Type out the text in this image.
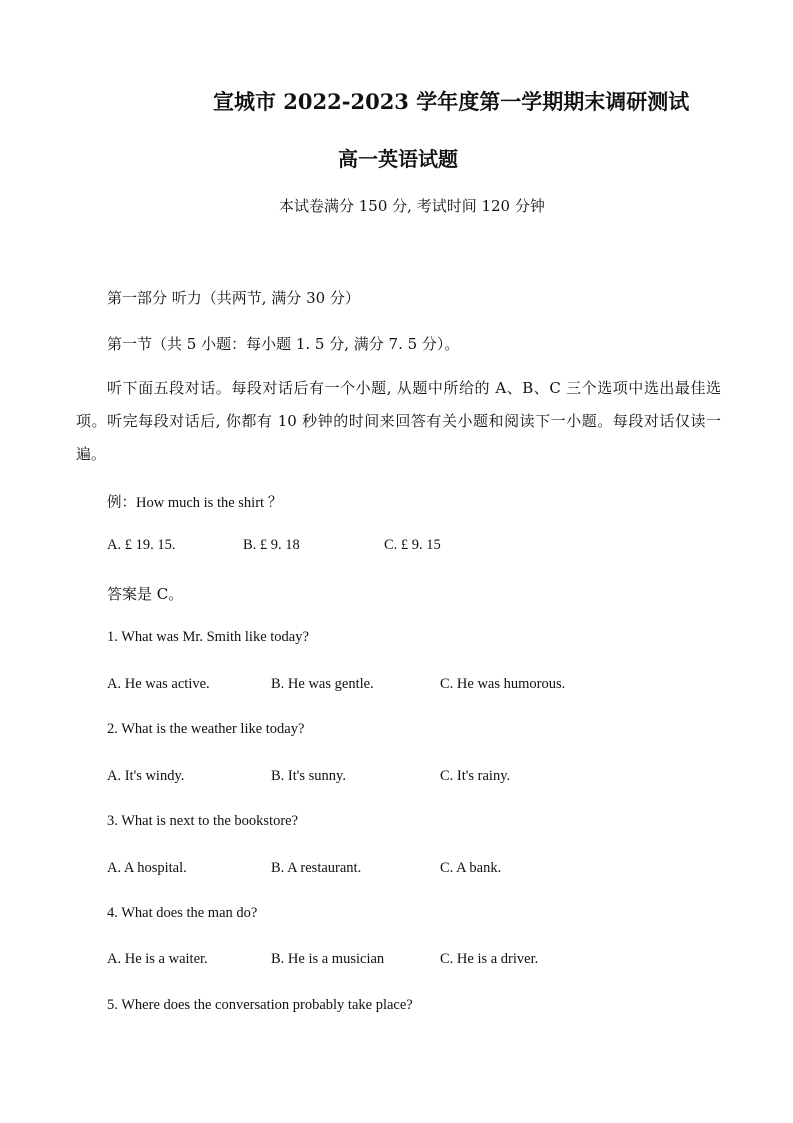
宣城市 2022-2023 学年度第一学期期末调研测试
高一英语试题
本试卷满分 150 分, 考试时间 120 分钟
第一部分 听力（共两节, 满分 30 分）
第一节（共 5 小题：每小题 1. 5 分, 满分 7. 5 分）。
听下面五段对话。每段对话后有一个小题, 从题中所给的 A、B、C 三个选项中选出最佳选项。听完每段对话后, 你都有 10 秒钟的时间来回答有关小题和阅读下一小题。每段对话仅读一遍。
例：How much is the shirt ？
A. £ 19. 15.	B. £ 9. 18	C. £ 9. 15
答案是 C。
1. What was Mr. Smith like today?
A. He was active.	B. He was gentle.	C. He was humorous.
2. What is the weather like today?
A. It's windy.	B. It's sunny.	C. It's rainy.
3. What is next to the bookstore?
A. A hospital.	B. A restaurant.	C. A bank.
4. What does the man do?
A. He is a waiter.	B. He is a musician	C. He is a driver.
5. Where does the conversation probably take place?
